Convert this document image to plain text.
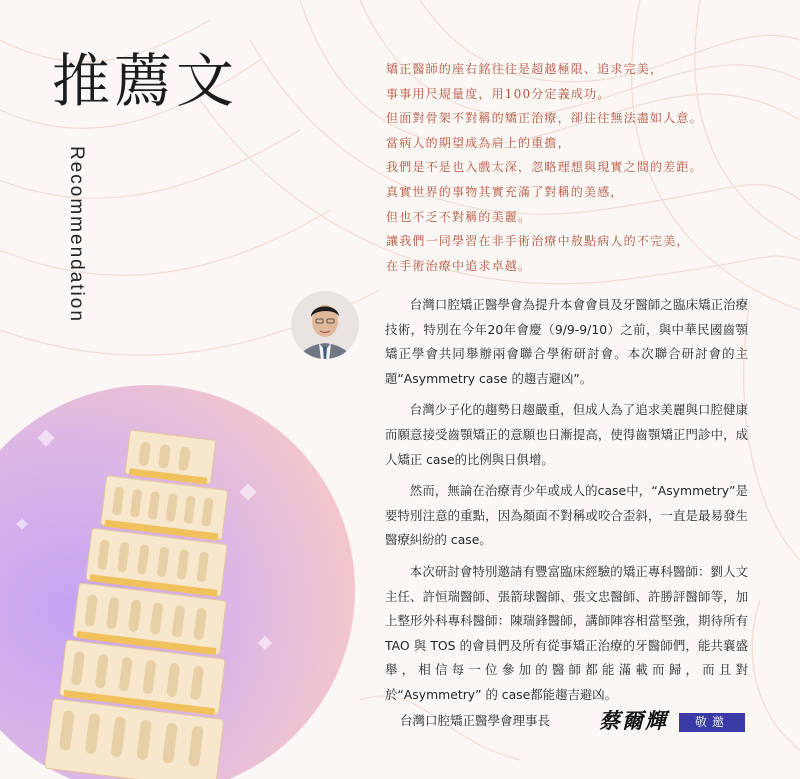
推薦文
Recommendation
矯正醫師的座右銘往往是超越極限、追求完美，
事事用尺規量度，用100分定義成功。
但面對骨架不對稱的矯正治療，卻往往無法盡如人意。
當病人的期望成為肩上的重擔，
我們是不是也入戲太深，忽略理想與現實之間的差距。
真實世界的事物其實充滿了對稱的美感，
但也不乏不對稱的美麗。
讓我們一同學習在非手術治療中敖點病人的不完美，
在手術治療中追求卓越。

台灣口腔矯正醫學會為提升本會會員及牙醫師之臨床矯正治療技術，特別在今年20年會慶（9/9-9/10）之前，與中華民國齒顎矯正學會共同舉辦兩會聯合學術研討會。本次聯合研討會的主題“Asymmetry case 的趨吉避凶”。

台灣少子化的趨勢日趨嚴重，但成人為了追求美麗與口腔健康而願意接受齒顎矯正的意願也日漸提高，使得齒顎矯正門診中，成人矯正 case的比例與日俱增。

然而，無論在治療青少年或成人的case中，“Asymmetry”是要特別注意的重點，因為顏面不對稱或咬合歪斜，一直是最易發生醫療糾紛的 case。

本次研討會特別邀請有豐富臨床經驗的矯正專科醫師：劉人文主任、許恒瑞醫師、張箭球醫師、張文忠醫師、許勝評醫師等，加上整形外科專科醫師：陳瑞鋒醫師，講師陣容相當堅強，期待所有 TAO 與 TOS 的會員們及所有從事矯正治療的牙醫師們，能共襄盛舉，相信每一位參加的醫師都能滿載而歸，而且對於“Asymmetry” 的 case都能趨吉避凶。

台灣口腔矯正醫學會理事長 蔡爾輝	敬邀
